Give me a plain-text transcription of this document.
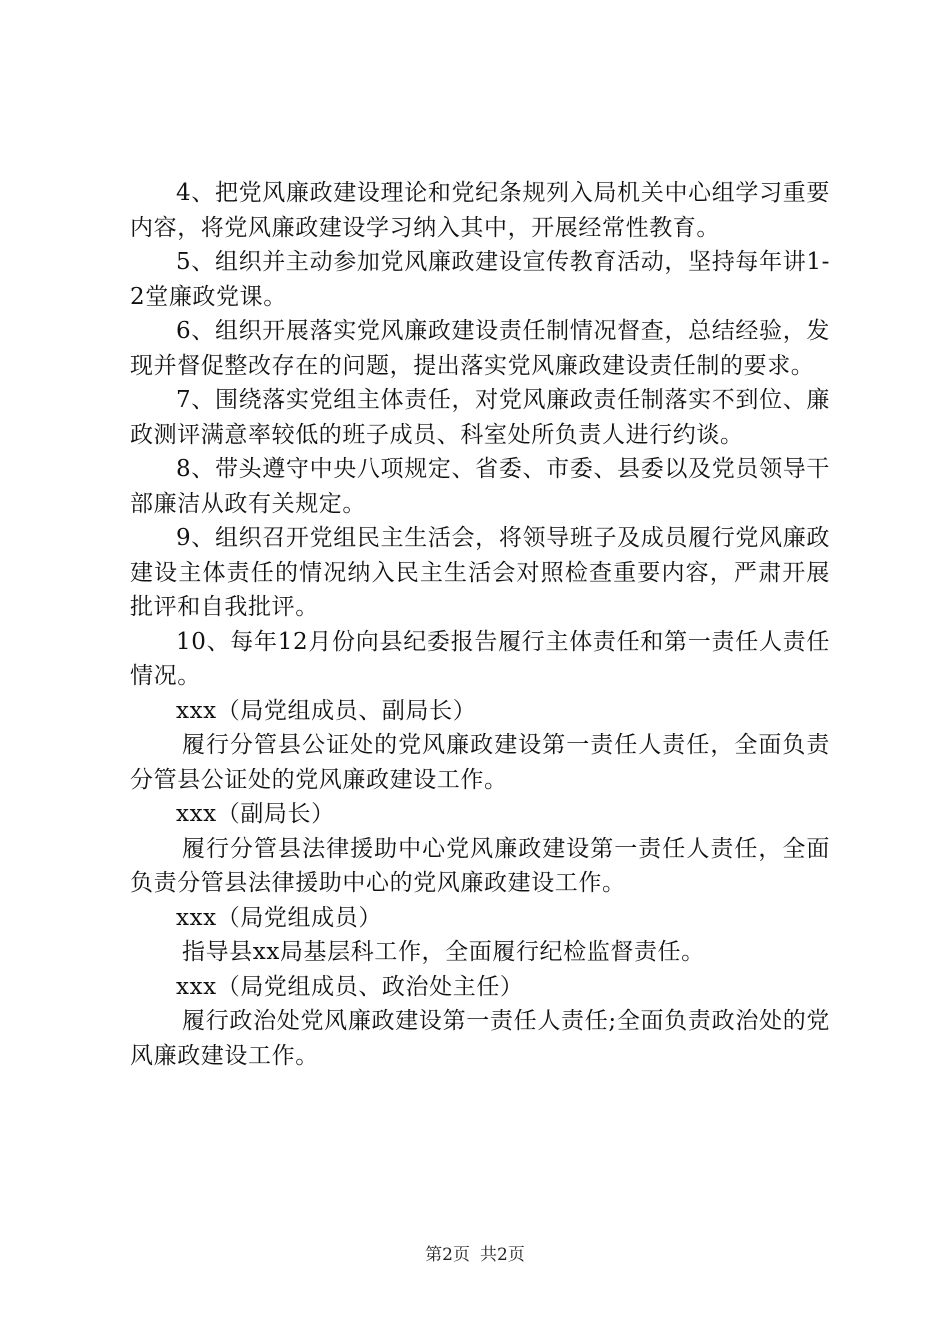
4、把党风廉政建设理论和党纪条规列入局机关中心组学习重要内容，将党风廉政建设学习纳入其中，开展经常性教育。

5、组织并主动参加党风廉政建设宣传教育活动，坚持每年讲1-2堂廉政党课。

6、组织开展落实党风廉政建设责任制情况督查，总结经验，发现并督促整改存在的问题，提出落实党风廉政建设责任制的要求。

7、围绕落实党组主体责任，对党风廉政责任制落实不到位、廉政测评满意率较低的班子成员、科室处所负责人进行约谈。

8、带头遵守中央八项规定、省委、市委、县委以及党员领导干部廉洁从政有关规定。

9、组织召开党组民主生活会，将领导班子及成员履行党风廉政建设主体责任的情况纳入民主生活会对照检查重要内容，严肃开展批评和自我批评。

10、每年12月份向县纪委报告履行主体责任和第一责任人责任情况。

xxx（局党组成员、副局长）

履行分管县公证处的党风廉政建设第一责任人责任，全面负责分管县公证处的党风廉政建设工作。

xxx（副局长）

履行分管县法律援助中心党风廉政建设第一责任人责任，全面负责分管县法律援助中心的党风廉政建设工作。

xxx（局党组成员）

指导县xx局基层科工作，全面履行纪检监督责任。

xxx（局党组成员、政治处主任）

履行政治处党风廉政建设第一责任人责任;全面负责政治处的党风廉政建设工作。

第2页 共2页
